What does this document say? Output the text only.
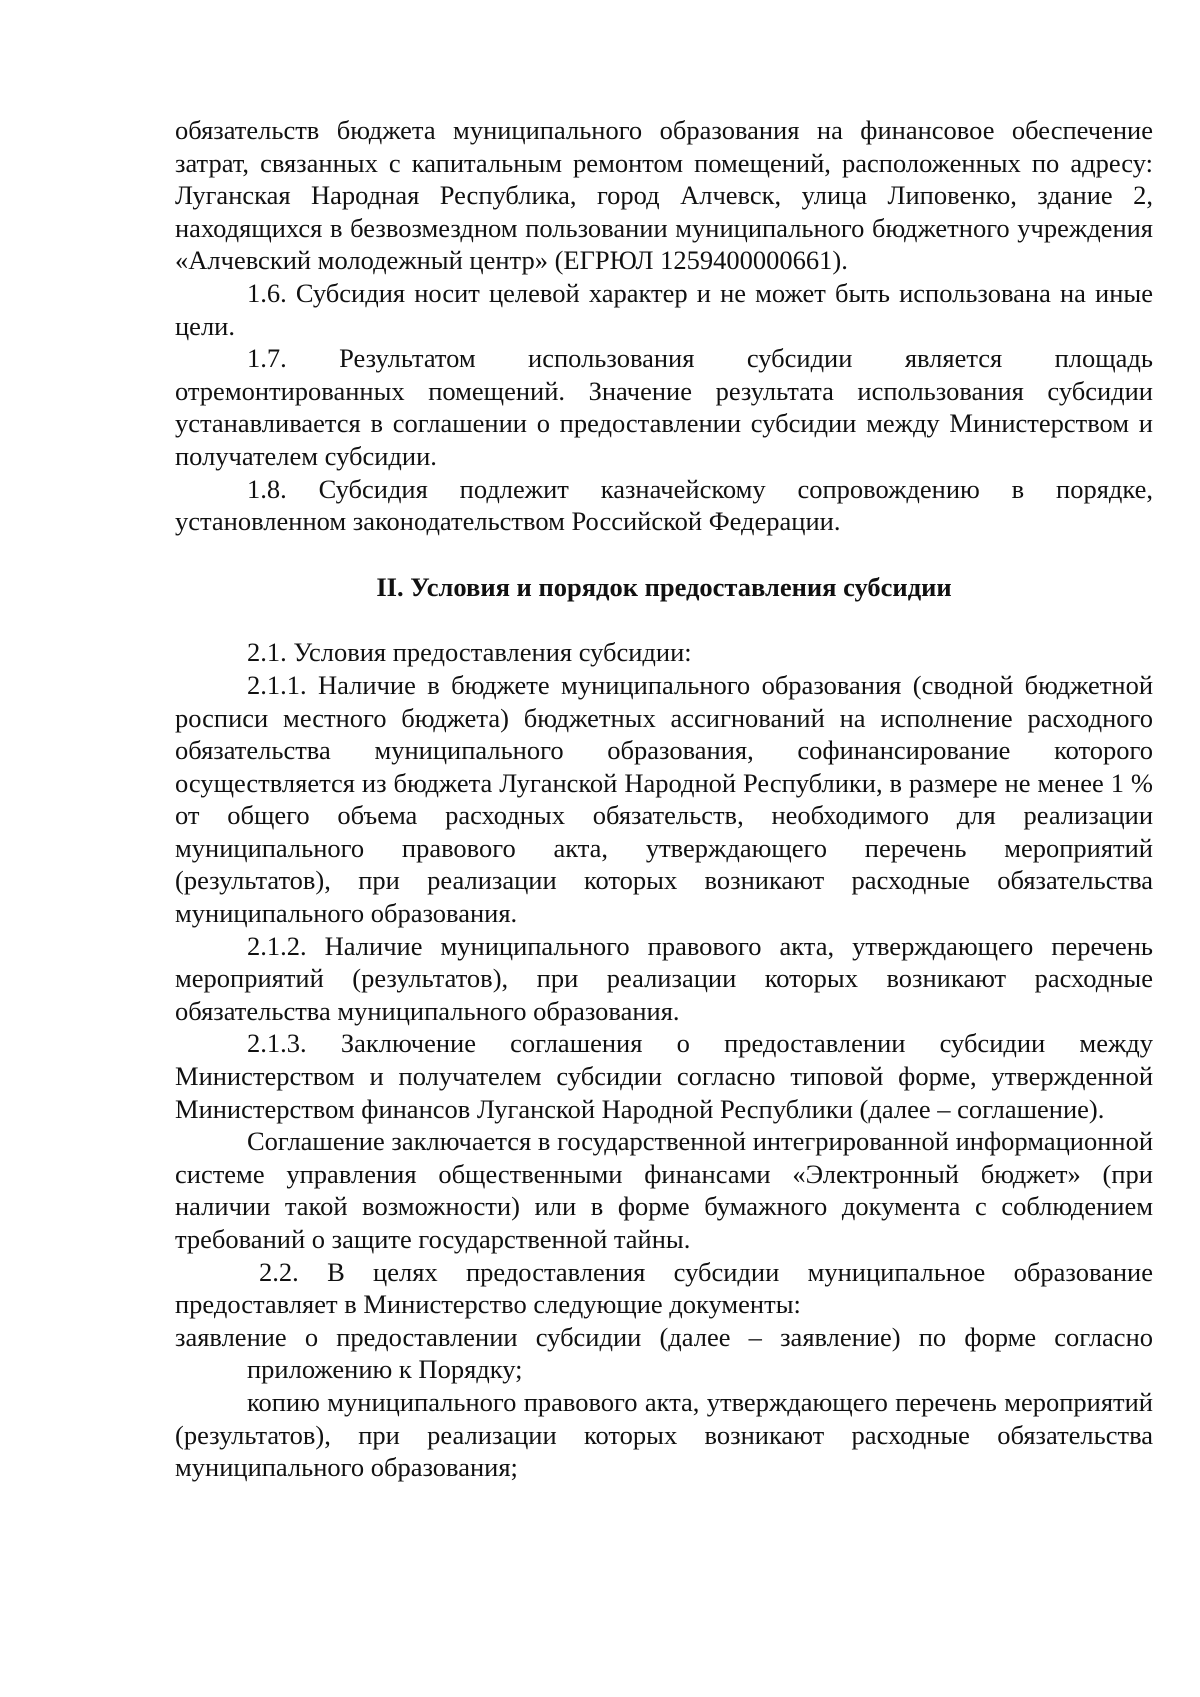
обязательств бюджета муниципального образования на финансовое обеспечение затрат, связанных с капитальным ремонтом помещений, расположенных по адресу: Луганская Народная Республика, город Алчевск, улица Липовенко, здание 2, находящихся в безвозмездном пользовании муниципального бюджетного учреждения «Алчевский молодежный центр» (ЕГРЮЛ 1259400000661).

1.6. Субсидия носит целевой характер и не может быть использована на иные цели.

1.7. Результатом использования субсидии является площадь отремонтированных помещений. Значение результата использования субсидии устанавливается в соглашении о предоставлении субсидии между Министерством и получателем субсидии.

1.8. Субсидия подлежит казначейскому сопровождению в порядке, установленном законодательством Российской Федерации.

II. Условия и порядок предоставления субсидии

2.1. Условия предоставления субсидии:

2.1.1. Наличие в бюджете муниципального образования (сводной бюджетной росписи местного бюджета) бюджетных ассигнований на исполнение расходного обязательства муниципального образования, софинансирование которого осуществляется из бюджета Луганской Народной Республики, в размере не менее 1 % от общего объема расходных обязательств, необходимого для реализации муниципального правового акта, утверждающего перечень мероприятий (результатов), при реализации которых возникают расходные обязательства муниципального образования.

2.1.2. Наличие муниципального правового акта, утверждающего перечень мероприятий (результатов), при реализации которых возникают расходные обязательства муниципального образования.

2.1.3. Заключение соглашения о предоставлении субсидии между Министерством и получателем субсидии согласно типовой форме, утвержденной Министерством финансов Луганской Народной Республики (далее – соглашение).

Соглашение заключается в государственной интегрированной информационной системе управления общественными финансами «Электронный бюджет» (при наличии такой возможности) или в форме бумажного документа с соблюдением требований о защите государственной тайны.

2.2. В целях предоставления субсидии муниципальное образование предоставляет в Министерство следующие документы:

заявление о предоставлении субсидии (далее – заявление) по форме согласно приложению к Порядку;

копию муниципального правового акта, утверждающего перечень мероприятий (результатов), при реализации которых возникают расходные обязательства муниципального образования;
